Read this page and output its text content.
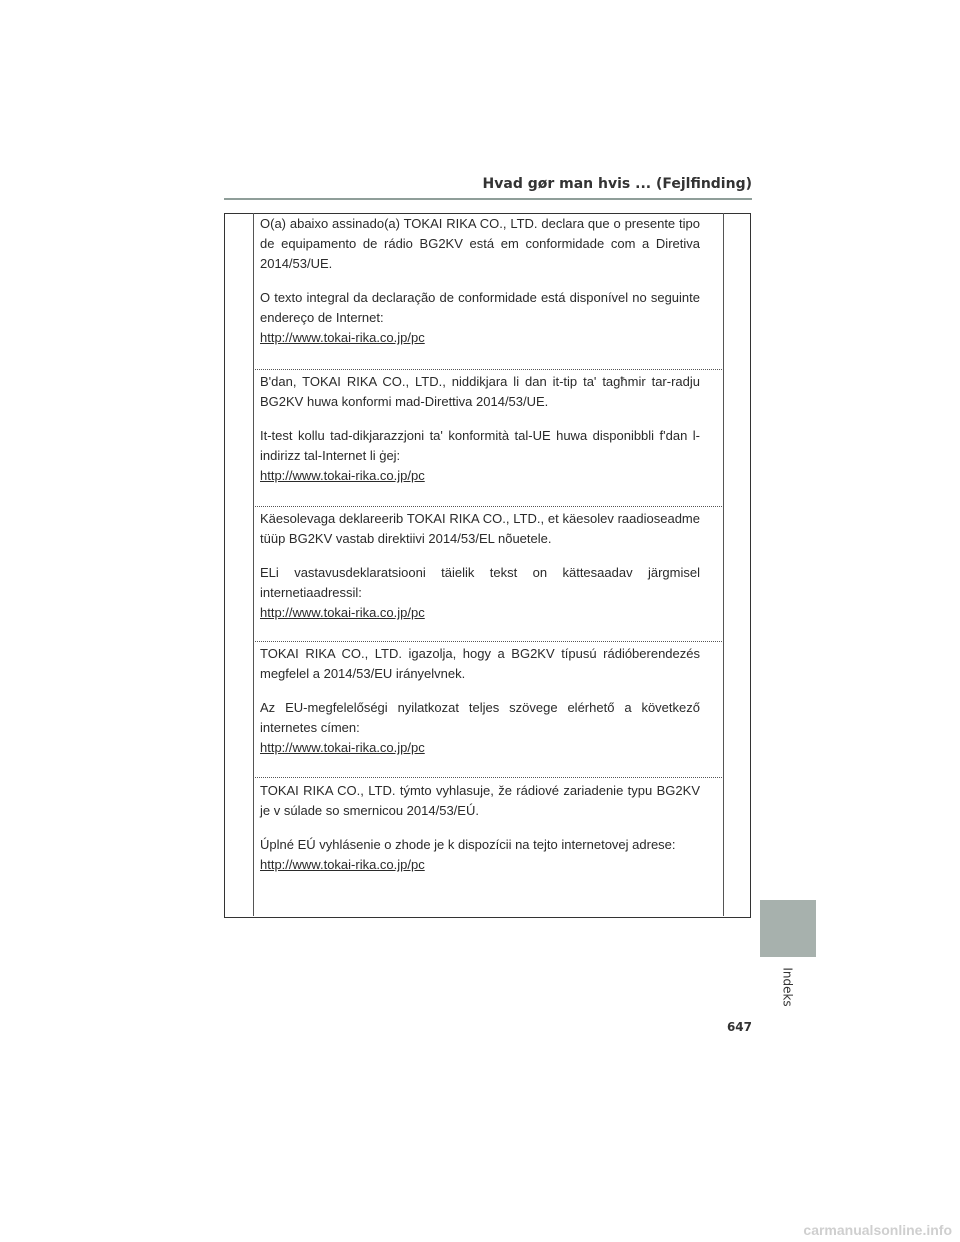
Hvad gør man hvis ... (Fejlfinding)

O(a) abaixo assinado(a) TOKAI RIKA CO., LTD. declara que o presente tipo de equipamento de rádio BG2KV está em conformidade com a Diretiva 2014/53/UE.

O texto integral da declaração de conformidade está disponível no seguinte endereço de Internet:
http://www.tokai-rika.co.jp/pc

B'dan, TOKAI RIKA CO., LTD., niddikjara li dan it-tip ta' tagħmir tar-radju BG2KV huwa konformi mad-Direttiva 2014/53/UE.

It-test kollu tad-dikjarazzjoni ta' konformità tal-UE huwa disponibbli f'dan l-indirizz tal-Internet li ġej:
http://www.tokai-rika.co.jp/pc

Käesolevaga deklareerib TOKAI RIKA CO., LTD., et käesolev raadioseadme tüüp BG2KV vastab direktiivi 2014/53/EL nõuetele.

ELi vastavusdeklaratsiooni täielik tekst on kättesaadav järgmisel internetiaadressil:
http://www.tokai-rika.co.jp/pc

TOKAI RIKA CO., LTD. igazolja, hogy a BG2KV típusú rádióberendezés megfelel a 2014/53/EU irányelvnek.

Az EU-megfelelőségi nyilatkozat teljes szövege elérhető a következő internetes címen:
http://www.tokai-rika.co.jp/pc

TOKAI RIKA CO., LTD. týmto vyhlasuje, že rádiové zariadenie typu BG2KV je v súlade so smernicou 2014/53/EÚ.

Úplné EÚ vyhlásenie o zhode je k dispozícii na tejto internetovej adrese:
http://www.tokai-rika.co.jp/pc

Indeks
647
carmanualsonline.info
